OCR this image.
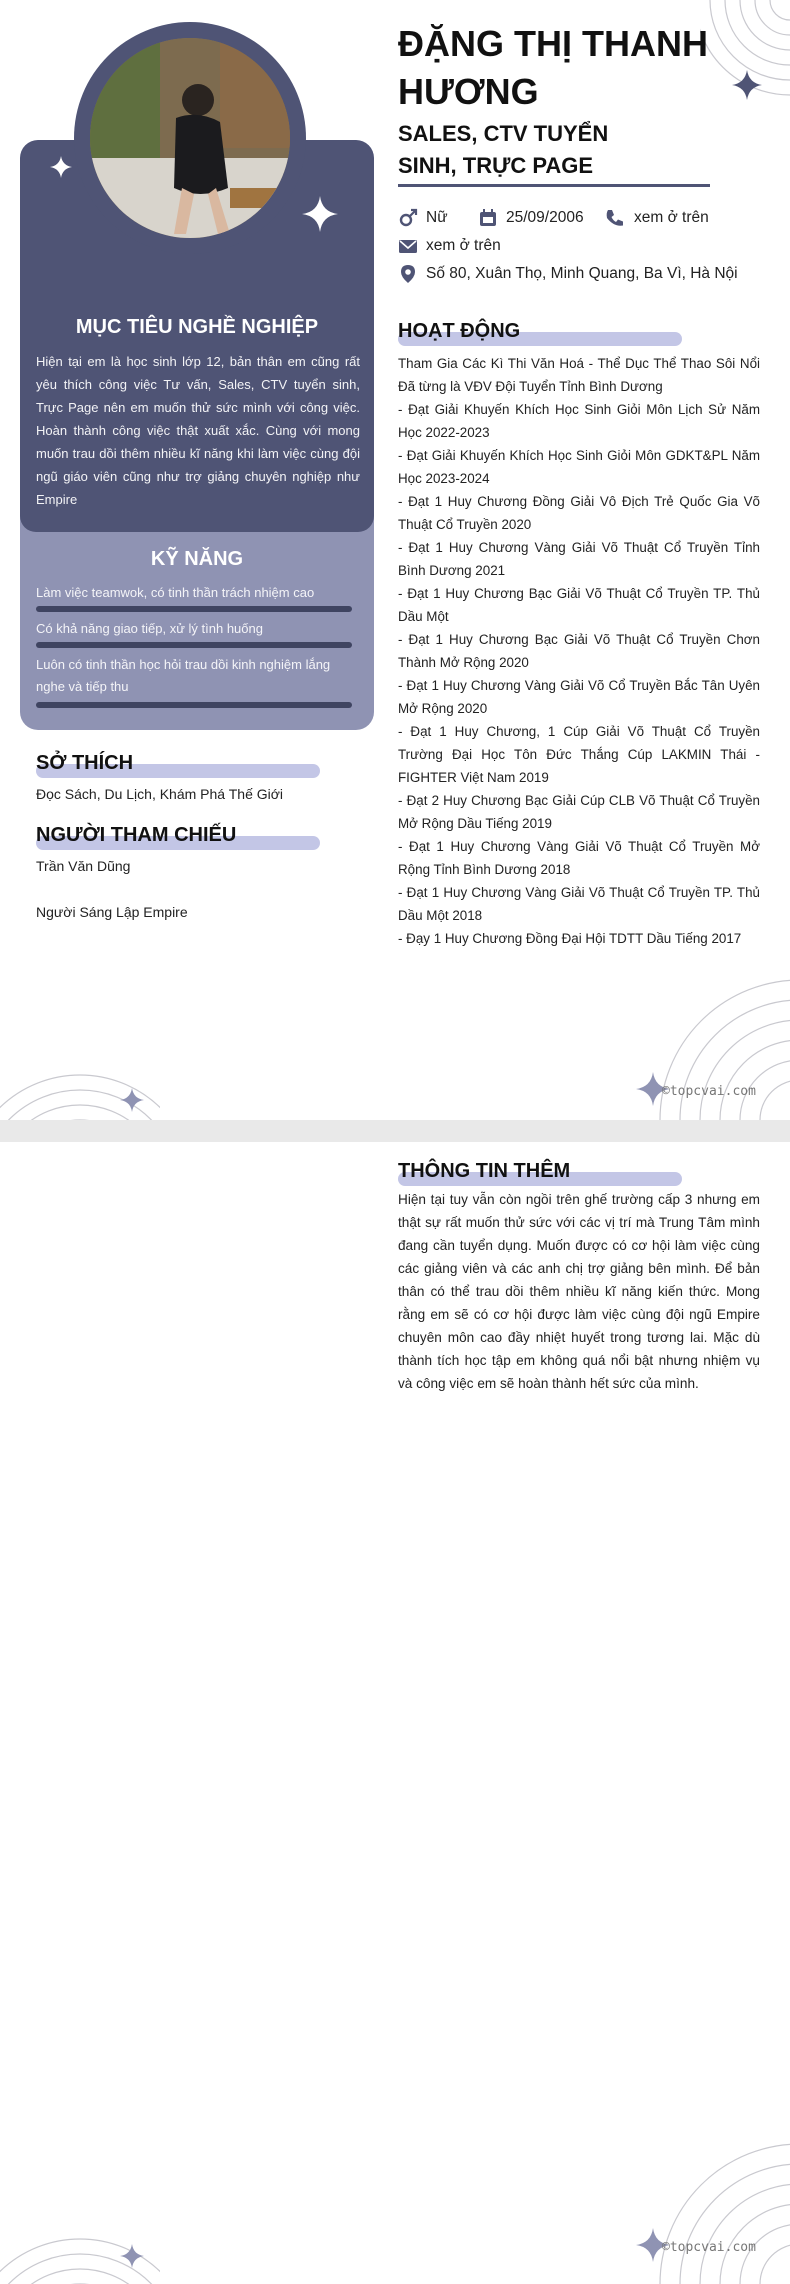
MỤC TIÊU NGHỀ NGHIỆP
Hiện tại em là học sinh lớp 12, bản thân em cũng rất yêu thích công việc Tư vấn, Sales, CTV tuyển sinh, Trực Page nên em muốn thử sức mình với công việc. Hoàn thành công việc thật xuất xắc. Cùng với mong muốn trau dồi thêm nhiều kĩ năng khi làm việc cùng đội ngũ giáo viên cũng như trợ giảng chuyên nghiệp như Empire
KỸ NĂNG
Làm việc teamwok, có tinh thần trách nhiệm cao
Có khả năng giao tiếp, xử lý tình huống
Luôn có tinh thần học hỏi trau dồi kinh nghiệm lắng nghe và tiếp thu
SỞ THÍCH
Đọc Sách, Du Lịch, Khám Phá Thế Giới
NGƯỜI THAM CHIẾU
Trần Văn Dũng
Người Sáng Lập Empire
ĐẶNG THỊ THANH
HƯƠNG
SALES, CTV TUYỂN
SINH, TRỰC PAGE
Nữ	25/09/2006	xem ở trên
xem ở trên
Số 80, Xuân Thọ, Minh Quang, Ba Vì, Hà Nội
HOẠT ĐỘNG
Tham Gia Các Kì Thi Văn Hoá - Thể Dục Thể Thao Sôi Nổi Đã từng là VĐV Đội Tuyển Tỉnh Bình Dương
- Đạt Giải Khuyến Khích Học Sinh Giỏi Môn Lịch Sử Năm Học 2022-2023
- Đạt Giải Khuyến Khích Học Sinh Giỏi Môn GDKT&PL Năm Học 2023-2024
- Đạt 1 Huy Chương Đồng Giải Vô Địch Trẻ Quốc Gia Võ Thuật Cổ Truyền 2020
- Đạt 1 Huy Chương Vàng Giải Võ Thuật Cổ Truyền Tỉnh Bình Dương 2021
- Đạt 1 Huy Chương Bạc Giải Võ Thuật Cổ Truyền TP. Thủ Dầu Một
- Đạt 1 Huy Chương Bạc Giải Võ Thuật Cổ Truyền Chơn Thành Mở Rộng 2020
- Đạt 1 Huy Chương Vàng Giải Võ Cổ Truyền Bắc Tân Uyên Mở Rộng 2020
- Đạt 1 Huy Chương, 1 Cúp Giải Võ Thuật Cổ Truyền Trường Đại Học Tôn Đức Thắng Cúp LAKMIN Thái - FIGHTER Việt Nam 2019
- Đạt 2 Huy Chương Bạc Giải Cúp CLB Võ Thuật Cổ Truyền Mở Rộng Dầu Tiếng 2019
- Đạt 1 Huy Chương Vàng Giải Võ Thuật Cổ Truyền Mở Rộng Tỉnh Bình Dương 2018
- Đạt 1 Huy Chương Vàng Giải Võ Thuật Cổ Truyền TP. Thủ Dầu Một 2018
- Đạy 1 Huy Chương Đồng Đại Hội TDTT Dầu Tiếng 2017
©topcvai.com
THÔNG TIN THÊM
©topcvai.com
Hiện tại tuy vẫn còn ngồi trên ghế trường cấp 3 nhưng em thật sự rất muốn thử sức với các vị trí mà Trung Tâm mình đang cần tuyển dụng. Muốn được có cơ hội làm việc cùng các giảng viên và các anh chị trợ giảng bên mình. Để bản thân có thể trau dồi thêm nhiều kĩ năng kiến thức. Mong rằng em sẽ có cơ hội được làm việc cùng đội ngũ Empire chuyên môn cao đầy nhiệt huyết trong tương lai. Mặc dù thành tích học tập em không quá nổi bật nhưng nhiệm vụ và công việc em sẽ hoàn thành hết sức của mình.
